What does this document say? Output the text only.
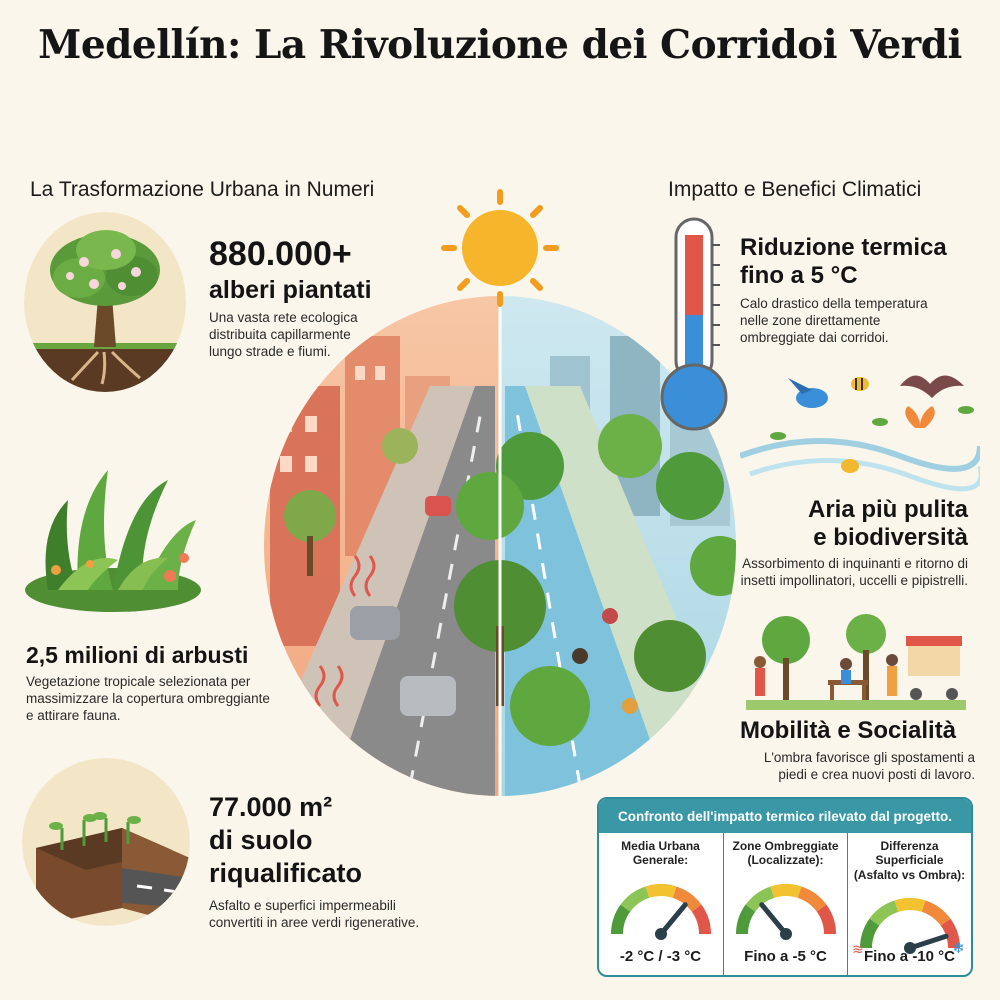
Medellín: La Rivoluzione dei Corridoi Verdi
La Trasformazione Urbana in Numeri
880.000+
alberi piantati
Una vasta rete ecologica distribuita capillarmente lungo strade e fiumi.
2,5 milioni di arbusti
Vegetazione tropicale selezionata per massimizzare la copertura ombreggiante e attirare fauna.
77.000 m²
di suolo
riqualificato
Asfalto e superfici impermeabili convertiti in aree verdi rigenerative.
Impatto e Benefici Climatici
Riduzione termica
fino a 5 °C
Calo drastico della temperatura nelle zone direttamente ombreggiate dai corridoi.
Aria più pulita
e biodiversità
Assorbimento di inquinanti e ritorno di insetti impollinatori, uccelli e pipistrelli.
Mobilità e Socialità
L'ombra favorisce gli spostamenti a piedi e crea nuovi posti di lavoro.
Confronto dell'impatto termico rilevato dal progetto.
Media Urbana
Generale:
-2 °C / -3 °C
Zone Ombreggiate
(Localizzate):
Fino a -5 °C
Differenza Superficiale
(Asfalto vs Ombra):
Fino a -10 °C
≋	❄
